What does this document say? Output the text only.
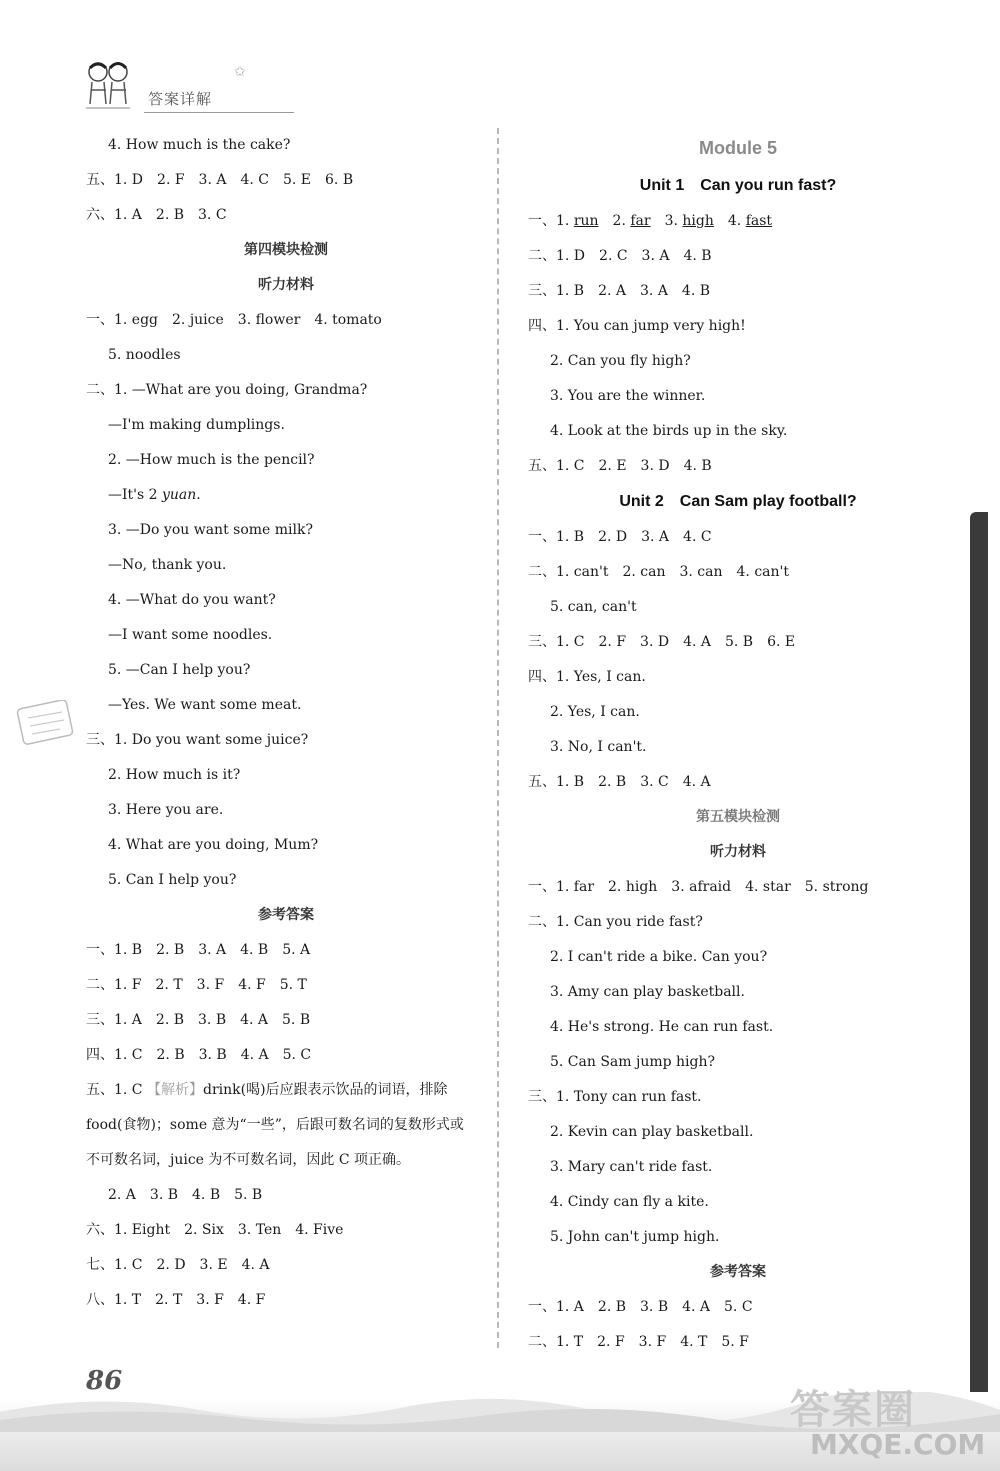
答案详解
✩
4. How much is the cake?
五、1. D　2. F　3. A　4. C　5. E　6. B
六、1. A　2. B　3. C
第四模块检测
听力材料
一、1. egg　2. juice　3. flower　4. tomato
5. noodles
二、1. —What are you doing, Grandma?
—I'm making dumplings.
2. —How much is the pencil?
—It's 2 yuan.
3. —Do you want some milk?
—No, thank you.
4. —What do you want?
—I want some noodles.
5. —Can I help you?
—Yes. We want some meat.
三、1. Do you want some juice?
2. How much is it?
3. Here you are.
4. What are you doing, Mum?
5. Can I help you?
参考答案
一、1. B　2. B　3. A　4. B　5. A
二、1. F　2. T　3. F　4. F　5. T
三、1. A　2. B　3. B　4. A　5. B
四、1. C　2. B　3. B　4. A　5. C
五、1. C 【解析】drink(喝)后应跟表示饮品的词语，排除 food(食物)；some 意为“一些”，后跟可数名词的复数形式或不可数名词，juice 为不可数名词，因此 C 项正确。
2. A　3. B　4. B　5. B
六、1. Eight　2. Six　3. Ten　4. Five
七、1. C　2. D　3. E　4. A
八、1. T　2. T　3. F　4. F
Module 5
Unit 1　Can you run fast?
一、1. run　2. far　3. high　4. fast
二、1. D　2. C　3. A　4. B
三、1. B　2. A　3. A　4. B
四、1. You can jump very high!
2. Can you fly high?
3. You are the winner.
4. Look at the birds up in the sky.
五、1. C　2. E　3. D　4. B
Unit 2　Can Sam play football?
一、1. B　2. D　3. A　4. C
二、1. can't　2. can　3. can　4. can't
5. can, can't
三、1. C　2. F　3. D　4. A　5. B　6. E
四、1. Yes, I can.
2. Yes, I can.
3. No, I can't.
五、1. B　2. B　3. C　4. A
第五模块检测
听力材料
一、1. far　2. high　3. afraid　4. star　5. strong
二、1. Can you ride fast?
2. I can't ride a bike. Can you?
3. Amy can play basketball.
4. He's strong. He can run fast.
5. Can Sam jump high?
三、1. Tony can run fast.
2. Kevin can play basketball.
3. Mary can't ride fast.
4. Cindy can fly a kite.
5. John can't jump high.
参考答案
一、1. A　2. B　3. B　4. A　5. C
二、1. T　2. F　3. F　4. T　5. F
86
答案圈
MXQE.COM
